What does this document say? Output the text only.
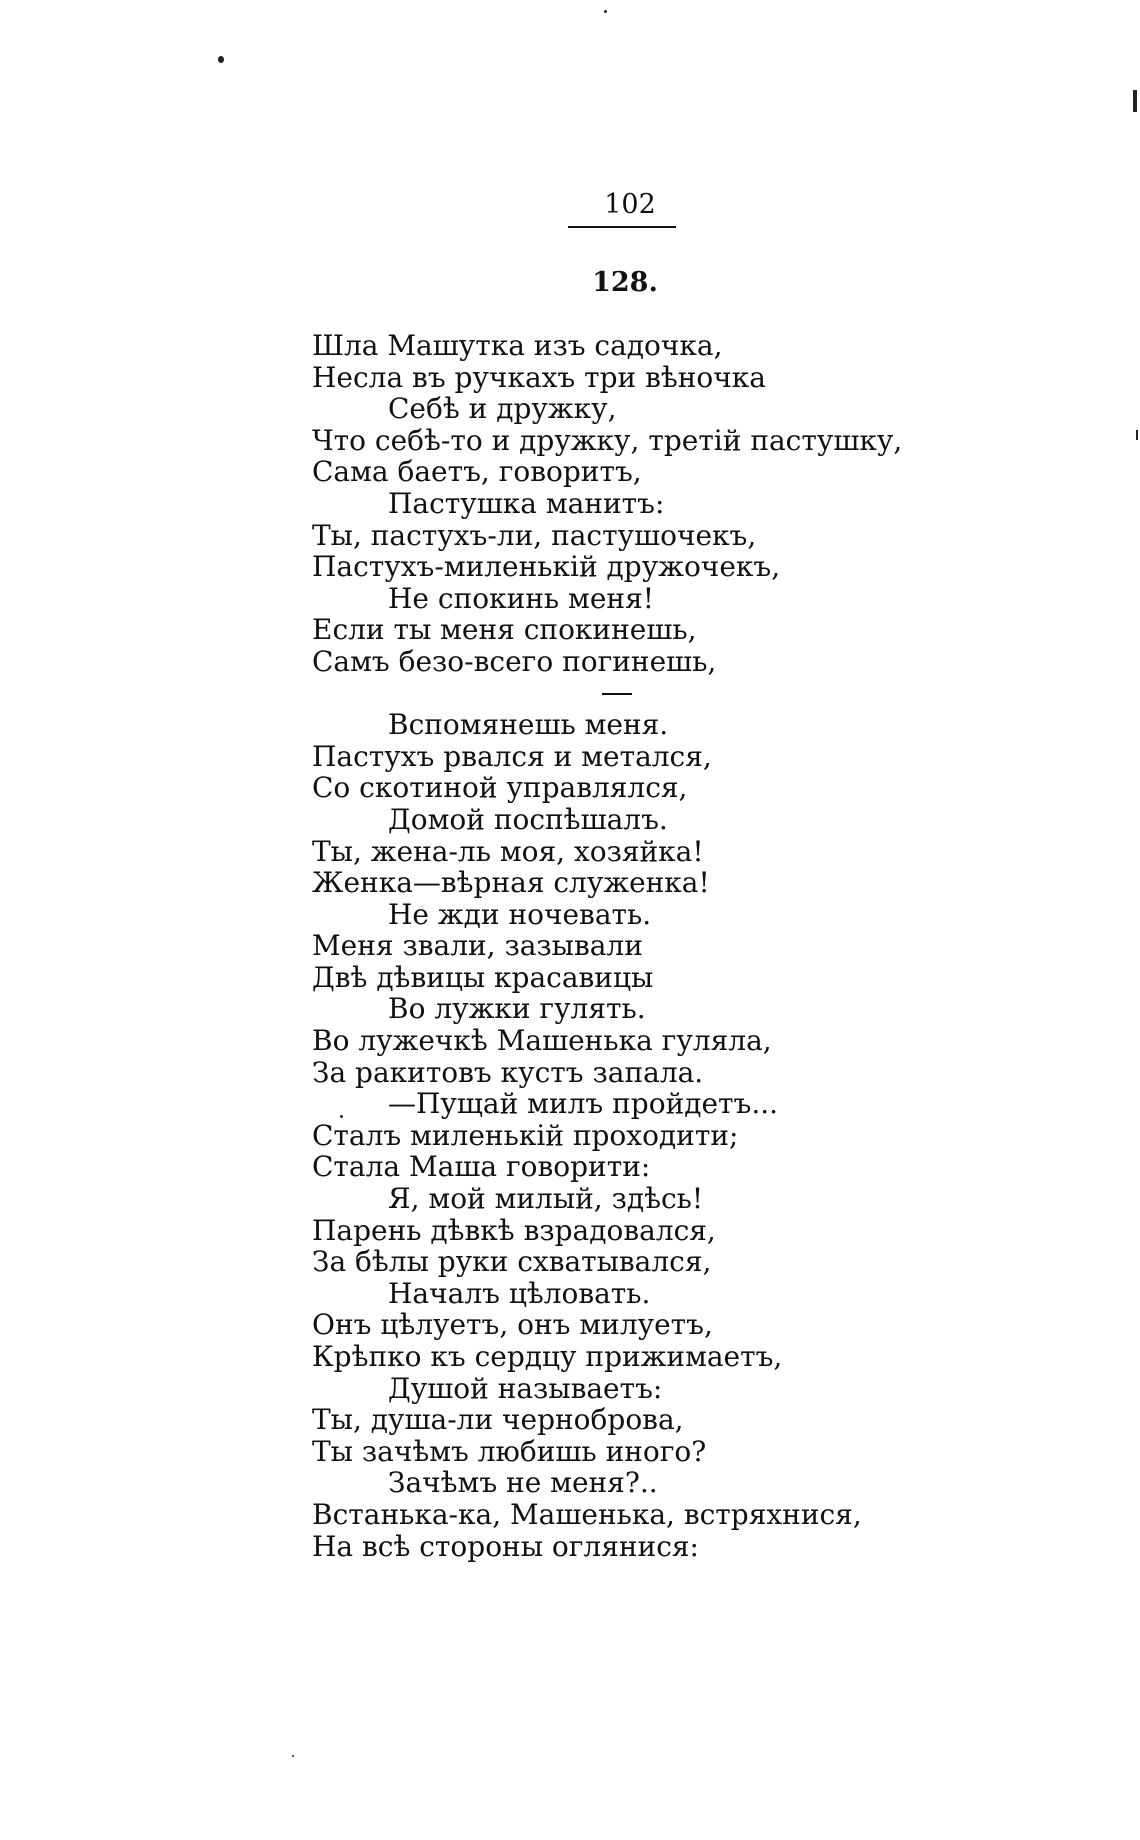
102
128.
Шла Машутка изъ садочка,
Несла въ ручкахъ три вѣночка
Себѣ и дружку,
Что себѣ-то и дружку, третій пастушку,
Сама баетъ, говоритъ,
Пастушка манитъ:
Ты, пастухъ-ли, пастушочекъ,
Пастухъ-миленькій дружочекъ,
Не спокинь меня!
Если ты меня спокинешь,
Самъ безо-всего погинешь,
Вспомянешь меня.
Пастухъ рвался и метался,
Со скотиной управлялся,
Домой поспѣшалъ.
Ты, жена-ль моя, хозяйка!
Женка—вѣрная служенка!
Не жди ночевать.
Меня звали, зазывали
Двѣ дѣвицы красавицы
Во лужки гулять.
Во лужечкѣ Машенька гуляла,
За ракитовъ кустъ запала.
—Пущай милъ пройдетъ...
Сталъ миленькій проходити;
Стала Маша говорити:
Я, мой милый, здѣсь!
Парень дѣвкѣ взрадовался,
За бѣлы руки схватывался,
Началъ цѣловать.
Онъ цѣлуетъ, онъ милуетъ,
Крѣпко къ сердцу прижимаетъ,
Душой называетъ:
Ты, душа-ли черноброва,
Ты зачѣмъ любишь иного?
Зачѣмъ не меня?..
Встанька-ка, Машенька, встряхнися,
На всѣ стороны оглянися:
